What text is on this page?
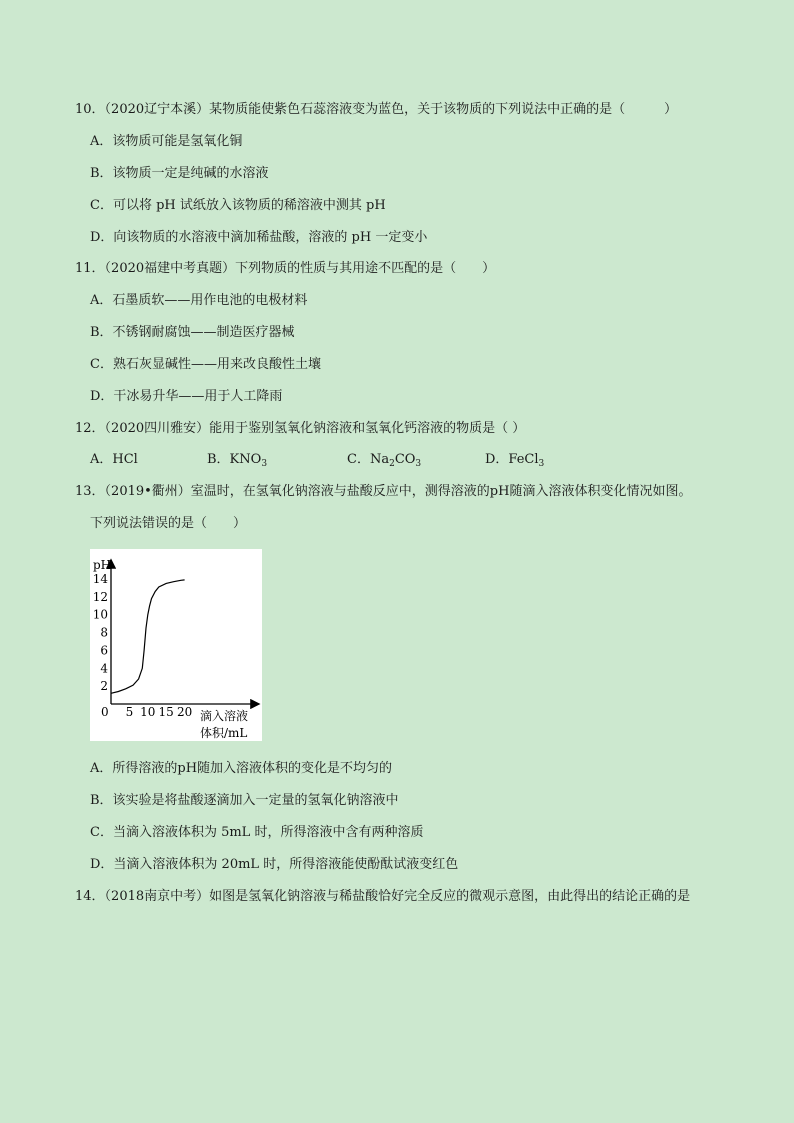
10．（2020辽宁本溪）某物质能使紫色石蕊溶液变为蓝色，关于该物质的下列说法中正确的是（　　　）
A．该物质可能是氢氧化铜
B．该物质一定是纯碱的水溶液
C．可以将 pH 试纸放入该物质的稀溶液中测其 pH
D．向该物质的水溶液中滴加稀盐酸，溶液的 pH 一定变小
11．（2020福建中考真题）下列物质的性质与其用途不匹配的是（　　）
A．石墨质软——用作电池的电极材料
B．不锈钢耐腐蚀——制造医疗器械
C．熟石灰显碱性——用来改良酸性土壤
D．干冰易升华——用于人工降雨
12．（2020四川雅安）能用于鉴别氢氧化钠溶液和氢氧化钙溶液的物质是（ ）
A．HCl	B．$KNO_3$	C．$Na_2CO_3$	D．FeCl$_3$
13．（2019•衢州）室温时，在氢氧化钠溶液与盐酸反应中，测得溶液的pH随滴入溶液体积变化情况如图。
下列说法错误的是（　　）
pH
0 5 10 15 20
2
4
6
8
10
12
14
滴入溶液
体积/mL
A．所得溶液的pH随加入溶液体积的变化是不均匀的
B．该实验是将盐酸逐滴加入一定量的氢氧化钠溶液中
C．当滴入溶液体积为 5mL 时，所得溶液中含有两种溶质
D．当滴入溶液体积为 20mL 时，所得溶液能使酚酞试液变红色
14．（2018南京中考）如图是氢氧化钠溶液与稀盐酸恰好完全反应的微观示意图，由此得出的结论正确的是
